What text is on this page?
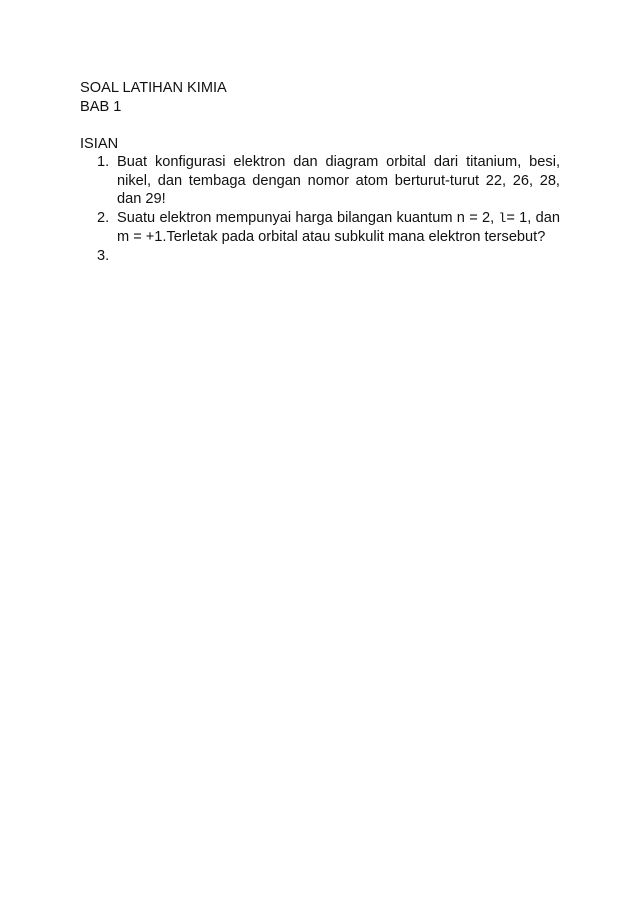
SOAL LATIHAN KIMIA
BAB 1
ISIAN
1. Buat konfigurasi elektron dan diagram orbital dari titanium, besi, nikel, dan tembaga dengan nomor atom berturut-turut 22, 26, 28, dan 29!
2. Suatu elektron mempunyai harga bilangan kuantum n = 2, l= 1, dan m = +1.Terletak pada orbital atau subkulit mana elektron tersebut?
3.
